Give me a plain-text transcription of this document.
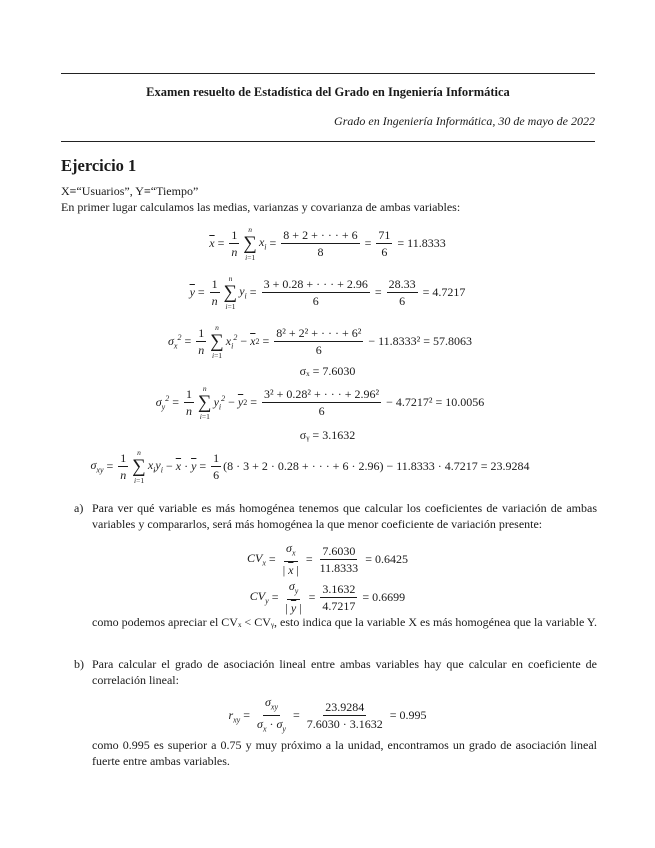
Examen resuelto de Estadística del Grado en Ingeniería Informática
Grado en Ingeniería Informática, 30 de mayo de 2022
Ejercicio 1
X≡“Usuarios”, Y≡“Tiempo”
En primer lugar calculamos las medias, varianzas y covarianza de ambas variables:
$\overline{x} = \frac{1}{n}$ n
∑
i=1
$x_i = \frac{8 + 2 + \cdot \cdot \cdot + 6}{8} = \frac{71}{6}$
= 11.8333
$\overline{y} = \frac{1}{n}$ n
∑
i=1
$y_i = \frac{3 + 0.28 + \cdot \cdot \cdot + 2.96}{6} = \frac{28.33}{6}$
= 4.7217
$\sigma_x^2 = \frac{1}{n}$ n
∑
i=1
$x_i^2 - \overline{x}$ $2 = \frac{\text{8² + 2² + · · · + 6²}}{6}$
− 11.8333² = 57.8063
σₓ = 7.6030
$\sigma_y^2 = \frac{1}{n}$ n
∑
i=1
$y_i^2 - \overline{y}$ $2 = \frac{\text{3² + 0.28² + · · · + 2.96²}}{6}$
− 4.7217² = 10.0056
σᵧ = 3.1632
$\sigma_{xy} = \frac{1}{n}$ n
∑
i=1
$x_iy_i - \overline{x} \cdot \overline{y} = \frac{1}{6} (8 \cdot 3 + 2 \cdot 0.28$ + · · · + 6 · 2.96) − 11.8333 · 4.7217 = 23.9284
a) Para ver qué variable es más homogénea tenemos que calcular los coeficientes de variación de ambas variables y compararlos, será más homogénea la que menor coeficiente de variación presente:
$CV_x = \frac{\sigma_x}{| \overline{x} |} = \frac{7.6030}{11.8333}$
= 0.6425
$CV_y = \frac{\sigma_y}{| \overline{y} |} = \frac{3.1632}{4.7217}$
= 0.6699
como podemos apreciar el CVₓ < CVᵧ, esto indica que la variable X es más homogénea que la variable Y.
b) Para calcular el grado de asociación lineal entre ambas variables hay que calcular en coeficiente de correlación lineal:
$r_{xy} = \frac{\sigma_{xy}}{\sigma_x \cdot \sigma_y} = \frac{23.9284}{7.6030 \cdot 3.1632}$
= 0.995
como 0.995 es superior a 0.75 y muy próximo a la unidad, encontramos un grado de asociación lineal fuerte entre ambas variables.
